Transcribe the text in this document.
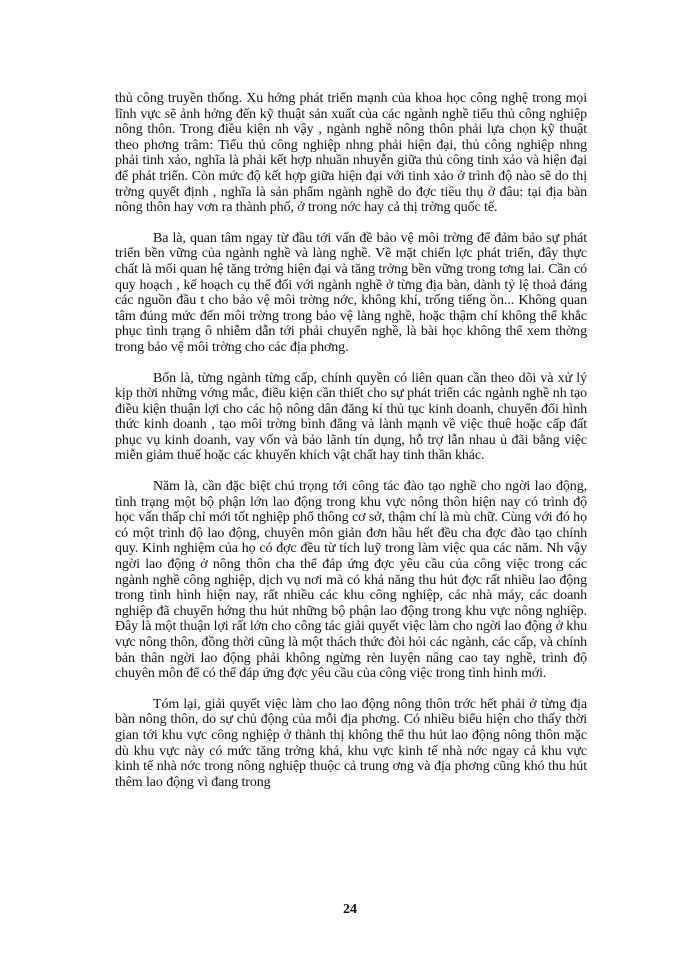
thủ công truyền thống. Xu hớng phát triển mạnh của khoa học công nghệ trong mọi lĩnh vực sẽ ảnh hởng đến kỹ thuật sản xuất của các ngành nghề tiểu thủ công nghiệp nông thôn. Trong điều kiện nh vậy , ngành nghề nông thôn phải lựa chọn kỹ thuật theo phơng trâm: Tiểu thủ công nghiệp nhng phải hiện đại, thủ công nghiệp nhng phải tinh xảo, nghĩa là phải kết hợp nhuần nhuyễn giữa thủ công tinh xảo và hiện đại để phát triển. Còn mức độ kết hợp giữa hiện đại với tinh xảo ở trình độ nào sẽ do thị trờng quyết định , nghĩa là sản phẩm ngành nghề do đợc tiêu thụ ở đâu: tại địa bàn nông thôn hay vơn ra thành phố, ở trong nớc hay cả thị trờng quốc tế.

Ba là, quan tâm ngay từ đầu tới vấn đề bảo vệ môi trờng để đảm bảo sự phát triển bền vững của ngành nghề và làng nghề. Về mặt chiến lợc phát triển, đây thực chất là mối quan hệ tăng trởng hiện đại và tăng trởng bền vững trong tơng lai. Cần có quy hoạch , kế hoạch cụ thể đối với ngành nghề ở từng địa bàn, dành tỷ lệ thoả đáng các nguồn đầu t cho bảo vệ môi trờng nớc, không khí, trống tiếng ồn... Không quan tâm đúng mức đến môi trờng trong bảo vệ làng nghề, hoặc thậm chí không thể khắc phục tình trạng ô nhiễm dẫn tới phải chuyển nghề, là bài học không thể xem thờng trong bảo vệ môi trờng cho các địa phơng.

Bốn là, từng ngành từng cấp, chính quyền có liên quan cần theo dõi và xử lý kịp thời những vớng mắc, điều kiện cần thiết cho sự phát triển các ngành nghề nh tạo điều kiện thuận lợi cho các hộ nông dân đăng kí thủ tục kinh doanh, chuyển đổi hình thức kinh doanh , tạo môi trờng bình đẳng và lành mạnh về việc thuê hoặc cấp đất phục vụ kinh doanh, vay vốn và bảo lãnh tín dụng, hỗ trợ lẫn nhau ủ đãi bằng việc miễn giảm thuế hoặc các khuyến khích vật chất hay tinh thần khác.

Năm là, cần đặc biệt chú trọng tới công tác đào tạo nghề cho ngời lao động, tình trạng một bộ phận lớn lao động trong khu vực nông thôn hiện nay có trình độ học vấn thấp chỉ mới tốt nghiệp phổ thông cơ sở, thậm chí là mù chữ. Cùng với đó họ có một trình độ lao động, chuyên môn giản đơn hầu hết đều cha đợc đào tạo chính quy. Kinh nghiệm của họ có đợc đều từ tích luỹ trong làm việc qua các năm. Nh vậy ngời lao động ở nông thôn cha thể đáp ứng đợc yêu cầu của công việc trong các ngành nghề công nghiệp, dịch vụ nơi mà có khả năng thu hút đợc rất nhiều lao động trong tình hình hiện nay, rất nhiều các khu công nghiệp, các nhà máy, các doanh nghiệp đã chuyển hớng thu hút những bộ phận lao động trong khu vực nông nghiệp. Đây là một thuận lợi rất lớn cho công tác giải quyết việc làm cho ngời lao động ở khu vực nông thôn, đồng thời cũng là một thách thức đòi hỏi các ngành, các cấp, và chính bản thân ngời lao động phải không ngừng rèn luyện nâng cao tay nghề, trình độ chuyên môn để có thể đáp ứng đợc yêu cầu của công việc trong tình hình mới.

Tóm lại, giải quyết việc làm cho lao động nông thôn trớc hết phải ở từng địa bàn nông thôn, do sự chủ động của mỗi địa phơng. Có nhiều biểu hiện cho thấy thời gian tới khu vực công nghiệp ở thành thị không thể thu hút lao động nông thôn mặc dù khu vực này có mức tăng trởng khá, khu vực kinh tế nhà nớc ngay cả khu vực kinh tế nhà nớc trong nông nghiệp thuộc cả trung ơng và địa phơng cũng khó thu hút thêm lao động vì đang trong

24
